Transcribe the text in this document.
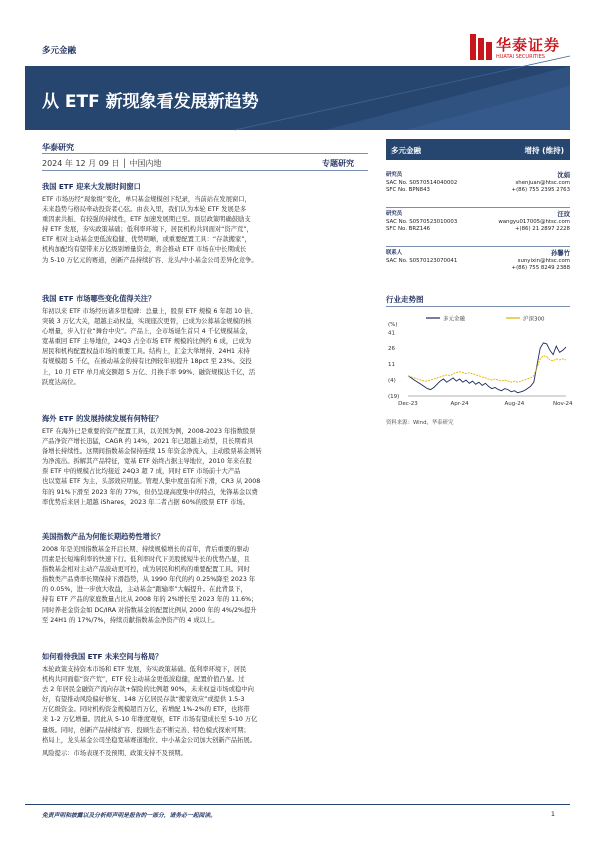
多元金融	华泰证券
HUATAI SECURITIES
从 ETF 新现象看发展新趋势
华泰研究
2024 年 12 月 09 日 │ 中国内地	专题研究
我国 ETF 迎来大发展时间窗口
ETF 市场历经“现象级”变化，单只基金规模创下纪录，当前站在发展窗口，
未来趋势与格局牵动投资者心弦。由表入里，我们认为本轮 ETF 发展是多
重因素共振、有较强的持续性，ETF 加速发展期已至。顶层政策明确鼓励支
持 ETF 发展，夯实政策基础；低利率环境下，居民机构共同面对“资产荒”，
ETF 相对主动基金更低波稳健、优势明晰，或重要配置工具：“存款搬家”，
机构加配均有望带来万亿级别增量资金，将会推动 ETF 市场在中长期成长
为 5-10 万亿元的赛道，创新产品持续扩容、龙头/中小基金公司差异化竞争。
我国 ETF 市场哪些变化值得关注？
年初以来 ETF 市场经历诸多里程碑：总量上，股票 ETF 规模 6 年超 10 倍、
突破 3 万亿大关，超越主动权益，实现座次更替，已成为公募基金规模的核
心增量，步入行业“舞台中央”。产品上，全市场诞生首只 4 千亿规模基金，
宽基重回 ETF 主导地位，24Q3 占全市场 ETF 规模的比例约 6 成，已成为
居民和机构配置权益市场的重要工具。结构上，汇金大举增持、24H1 末持
有规模超 5 千亿，在被动基金的持有比例较年初提升 18pct 至 23%。交投
上，10 月 ETF 单月成交额超 5 万亿、月换手率 99%、融资规模达千亿，活
跃度达高位。
海外 ETF 的发展持续发展有何特征？
ETF 在海外已是重要的资产配置工具，以美国为例，2008-2023 年指数股票
产品净资产增长迅猛，CAGR 约 14%，2021 年已超越主动型，且长期看具
备增长持续性。这期间指数基金保持连续 15 年资金净流入，主动股票基金则转
为净流出。拆解其产品特征，宽基 ETF 始终占据主导地位，2010 年来在股
票 ETF 中的规模占比均接近 24Q3 超 7 成，同时 ETF 市场前十大产品
也以宽基 ETF 为主，头部效应明显。管理人集中度虽有所下滑，CR3 从 2008
年的 91%下滑至 2023 年的 77%，但仍呈现高度集中的特点，先锋基金以费
率优势后来居上超越 iShares，2023 年二者占据 60%的股票 ETF 市场。
美国指数产品为何能长期趋势性增长？
2008 年是美国指数基金开启长期、持续规模增长的首年，背后重要的驱动
因素是长短端利率的快速下行。低利率时代下美股熊短牛长的优势凸显，且
指数基金相对主动产品波动更可控，成为居民和机构的重要配置工具。同时
指数类产品费率长期保持下滑趋势，从 1990 年代的约 0.25%降至 2023 年
的 0.05%，进一步放大收益，主动基金“跑输率”大幅提升。在此背景下，
持有 ETF 产品的家庭数量占比从 2008 年的 2%增长至 2023 年的 11.6%；
同时养老金资金如 DC/IRA 对指数基金的配置比例从 2000 年的 4%/2%提升
至 24H1 的 17%/7%，持续贡献指数基金净资产的 4 成以上。
如何看待我国 ETF 未来空间与格局？
本轮政策支持资本市场和 ETF 发展，夯实政策基础。低利率环境下，居民
机构共同面临“资产荒”，ETF 较主动基金更低波稳健，配置价值凸显。过
去 2 年居民金融资产流向存款+保险的比例超 90%，未来权益市场或稳中向
好，有望推动风险偏好修复、148 万亿居民存款“搬家效应”或提供 1.5-3
万亿级资金。同时机构资金规模超百万亿，若增配 1%-2%的 ETF，也将带
来 1-2 万亿增量。因此从 5-10 年维度观察，ETF 市场有望成长至 5-10 万亿
量级。同时，创新产品持续扩容、投顾生态不断完善、特色模式探索可期；
格局上，龙头基金公司坐稳宽基赛道地位、中小基金公司加大创新产品拓展。
风险提示：市场表现不及预期、政策支持不及预期。
多元金融	增持 (维持)
研究员	沈娟
SAC No. S0570514040002	shenjuan@htsc.com
SFC No. BPN843	+(86) 755 2395 2763
研究员	汪玟
SAC No. S0570523010003	wangyu017005@htsc.com
SFC No. BRZ146	+(86) 21 2897 2228
联系人	孙馨竹
SAC No. S0570123070041	sunyixin@htsc.com
+(86) 755 8249 2388
行业走势图
多元金融	沪深300
(%)
41
26
11
(4)
(19)
Dec-23	Apr-24	Aug-24	Nov-24
资料来源：Wind，华泰研究
免责声明和披露以及分析师声明是报告的一部分，请务必一起阅读。	1
